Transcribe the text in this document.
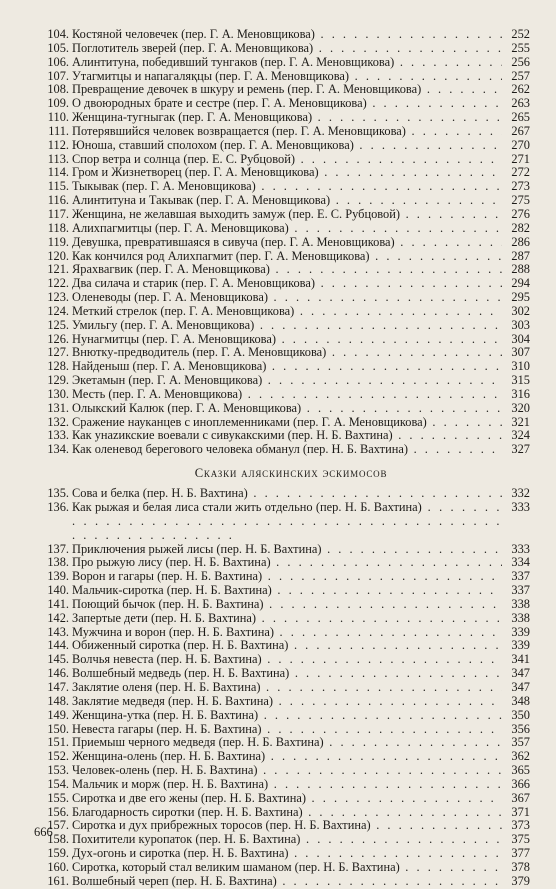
104. Костяной человечек (пер. Г. А. Меновщикова) . . .	252
105. Поглотитель зверей (пер. Г. А. Меновщикова) . . .	255
106. Алинтитуна, победивший тунгаков (пер. Г. А. Меновщикова) . . .	256
107. Утагмитцы и напагаляқцы (пер. Г. А. Меновщикова) . . .	257
108. Превращение девочек в шкуру и ремень (пер. Г. А. Меновщикова) . . .	262
109. О двоюродных брате и сестре (пер. Г. А. Меновщикова) . . .	263
110. Женщина-тугныгак (пер. Г. А. Меновщикова) . . .	265
111. Потерявшийся человек возвращается (пер. Г. А. Меновщикова) . . .	267
112. Юноша, ставший сполохом (пер. Г. А. Меновщикова) . . .	270
113. Спор ветра и солнца (пер. Е. С. Рубцовой) . . .	271
114. Гром и Жизнетворец (пер. Г. А. Меновщикова) . . .	272
115. Тыкывак (пер. Г. А. Меновщикова) . . .	273
116. Алинтитуна и Такывак (пер. Г. А. Меновщикова) . . .	275
117. Женщина, не желавшая выходить замуж (пер. Е. С. Рубцовой) . . .	276
118. Алихпагмитцы (пер. Г. А. Меновщикова) . . .	282
119. Девушка, превратившаяся в сивуча (пер. Г. А. Меновщикова) . . .	286
120. Как кончился род Алихпагмит (пер. Г. А. Меновщикова) . . .	287
121. Ярахвагвик (пер. Г. А. Меновщикова) . . .	288
122. Два силача и старик (пер. Г. А. Меновщикова) . . .	294
123. Оленеводы (пер. Г. А. Меновщикова) . . .	295
124. Меткий стрелок (пер. Г. А. Меновщикова) . . .	302
125. Умильгу (пер. Г. А. Меновщикова) . . .	303
126. Нунагмитцы (пер. Г. А. Меновщикова) . . .	304
127. Внютку-предводитель (пер. Г. А. Меновщикова) . . .	307
128. Найденыш (пер. Г. А. Меновщикова) . . .	310
129. Экетамын (пер. Г. А. Меновщикова) . . .	315
130. Месть (пер. Г. А. Меновщикова) . . .	316
131. Олыкский Калюк (пер. Г. А. Меновщикова) . . .	320
132. Сражение науканцев с иноплеменниками (пер. Г. А. Меновщикова) . . .	321
133. Как унazикские воевали с сивукакскими (пер. Н. Б. Вахтина) . . .	324
134. Как оленевод берегового человека обманул (пер. Н. Б. Вахтина) . . .	327
Сказки аляскинских эскимосов
135. Сова и белка (пер. Н. Б. Вахтина) . . .	332
136. Как рыжая и белая лиса стали жить отдельно (пер. Н. Б. Вахтина) . . .	333
137. Приключения рыжей лисы (пер. Н. Б. Вахтина) . . .	333
138. Про рыжую лису (пер. Н. Б. Вахтина) . . .	334
139. Ворон и гагары (пер. Н. Б. Вахтина) . . .	337
140. Мальчик-сиротка (пер. Н. Б. Вахтина) . . .	337
141. Поющий бычок (пер. Н. Б. Вахтина) . . .	338
142. Запертые дети (пер. Н. Б. Вахтина) . . .	338
143. Мужчина и ворон (пер. Н. Б. Вахтина) . . .	339
144. Обиженный сиротка (пер. Н. Б. Вахтина) . . .	339
145. Волчья невеста (пер. Н. Б. Вахтина) . . .	341
146. Волшебный медведь (пер. Н. Б. Вахтина) . . .	347
147. Заклятие оленя (пер. Н. Б. Вахтина) . . .	347
148. Заклятие медведя (пер. Н. Б. Вахтина) . . .	348
149. Женщина-утка (пер. Н. Б. Вахтина) . . .	350
150. Невеста гагары (пер. Н. Б. Вахтина) . . .	356
151. Приемыш черного медведя (пер. Н. Б. Вахтина) . . .	357
152. Женщина-олень (пер. Н. Б. Вахтина) . . .	362
153. Человек-олень (пер. Н. Б. Вахтина) . . .	365
154. Мальчик и морж (пер. Н. Б. Вахтина) . . .	366
155. Сиротка и две его жены (пер. Н. Б. Вахтина) . . .	367
156. Благодарность сиротки (пер. Н. Б. Вахтина) . . .	371
157. Сиротка и дух прибрежных торосов (пер. Н. Б. Вахтина) . . .	373
158. Похитители куропаток (пер. Н. Б. Вахтина) . . .	375
159. Дух-огонь и сиротка (пер. Н. Б. Вахтина) . . .	377
160. Сиротка, который стал великим шаманом (пер. Н. Б. Вахтина) . . .	378
161. Волшебный череп (пер. Н. Б. Вахтина) . . .	379
666
